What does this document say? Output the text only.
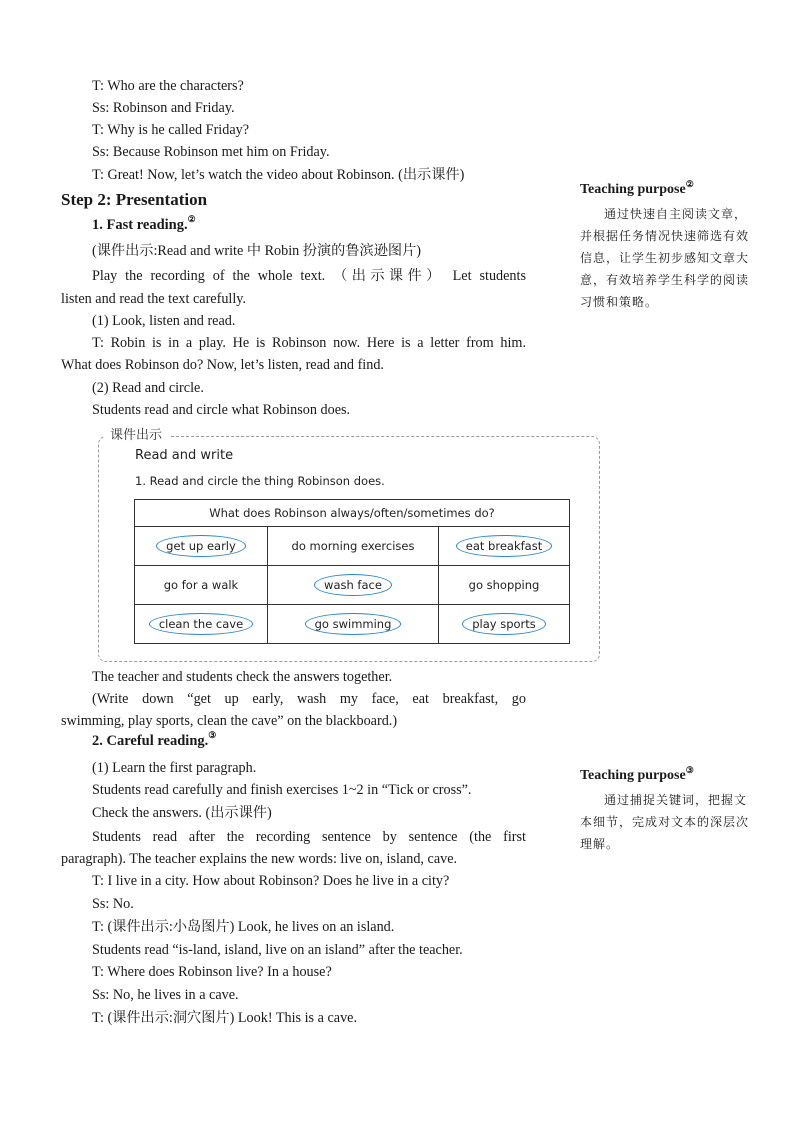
T: Who are the characters?
Ss: Robinson and Friday.
T: Why is he called Friday?
Ss: Because Robinson met him on Friday.
T: Great! Now, let’s watch the video about Robinson. (出示课件)
Step 2: Presentation
1. Fast reading.②
(课件出示:Read and write 中 Robin 扮演的鲁滨逊图片)
Play the recording of the whole text. （出示课件） Let students
listen and read the text carefully.
(1) Look, listen and read.
T: Robin is in a play. He is Robinson now. Here is a letter from him.
What does Robinson do? Now, let’s listen, read and find.
(2) Read and circle.
Students read and circle what Robinson does.
课件出示
Read and write
1. Read and circle the thing Robinson does.
What does Robinson always/often/sometimes do?		
get up early	do morning exercises	eat breakfast
go for a walk	wash face	go shopping
clean the cave	go swimming	play sports
The teacher and students check the answers together.
(Write down “get up early, wash my face, eat breakfast, go
swimming, play sports, clean the cave” on the blackboard.)
2. Careful reading.③
(1) Learn the first paragraph.
Students read carefully and finish exercises 1~2 in “Tick or cross”.
Check the answers. (出示课件)
Students read after the recording sentence by sentence (the first
paragraph). The teacher explains the new words: live on, island, cave.
T: I live in a city. How about Robinson? Does he live in a city?
Ss: No.
T: (课件出示:小岛图片) Look, he lives on an island.
Students read “is-land, island, live on an island” after the teacher.
T: Where does Robinson live? In a house?
Ss: No, he lives in a cave.
T: (课件出示:洞穴图片) Look! This is a cave.
Teaching purpose②
通过快速自主阅读文章，并根据任务情况快速筛选有效信息，让学生初步感知文章大意，有效培养学生科学的阅读习惯和策略。
Teaching purpose③
通过捕捉关键词，把握文本细节，完成对文本的深层次理解。
